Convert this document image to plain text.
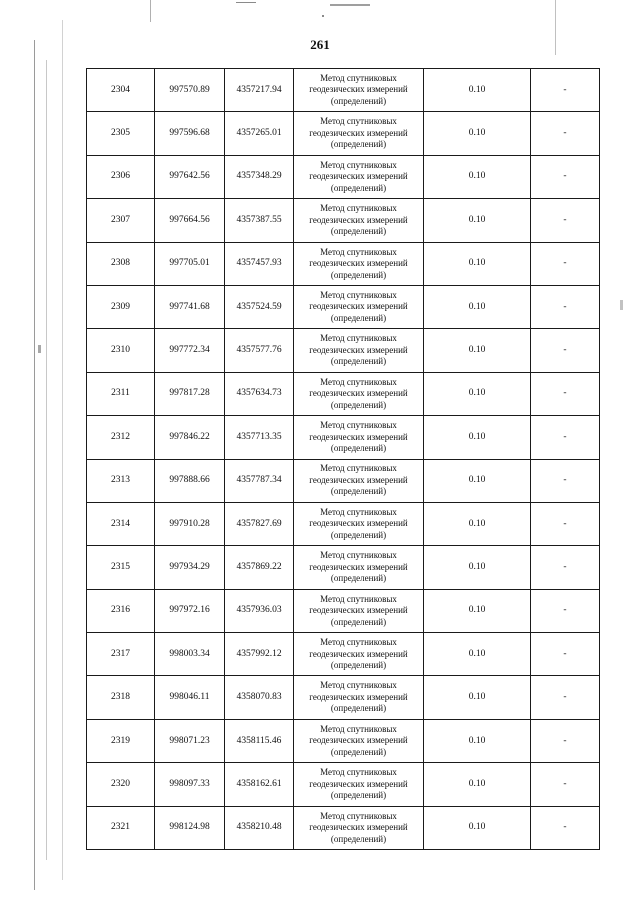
261
2304	997570.89	4357217.94	Метод спутниковых геодезических измерений (определений)	0.10	-
2305	997596.68	4357265.01	Метод спутниковых геодезических измерений (определений)	0.10	-
2306	997642.56	4357348.29	Метод спутниковых геодезических измерений (определений)	0.10	-
2307	997664.56	4357387.55	Метод спутниковых геодезических измерений (определений)	0.10	-
2308	997705.01	4357457.93	Метод спутниковых геодезических измерений (определений)	0.10	-
2309	997741.68	4357524.59	Метод спутниковых геодезических измерений (определений)	0.10	-
2310	997772.34	4357577.76	Метод спутниковых геодезических измерений (определений)	0.10	-
2311	997817.28	4357634.73	Метод спутниковых геодезических измерений (определений)	0.10	-
2312	997846.22	4357713.35	Метод спутниковых геодезических измерений (определений)	0.10	-
2313	997888.66	4357787.34	Метод спутниковых геодезических измерений (определений)	0.10	-
2314	997910.28	4357827.69	Метод спутниковых геодезических измерений (определений)	0.10	-
2315	997934.29	4357869.22	Метод спутниковых геодезических измерений (определений)	0.10	-
2316	997972.16	4357936.03	Метод спутниковых геодезических измерений (определений)	0.10	-
2317	998003.34	4357992.12	Метод спутниковых геодезических измерений (определений)	0.10	-
2318	998046.11	4358070.83	Метод спутниковых геодезических измерений (определений)	0.10	-
2319	998071.23	4358115.46	Метод спутниковых геодезических измерений (определений)	0.10	-
2320	998097.33	4358162.61	Метод спутниковых геодезических измерений (определений)	0.10	-
2321	998124.98	4358210.48	Метод спутниковых геодезических измерений (определений)	0.10	-
